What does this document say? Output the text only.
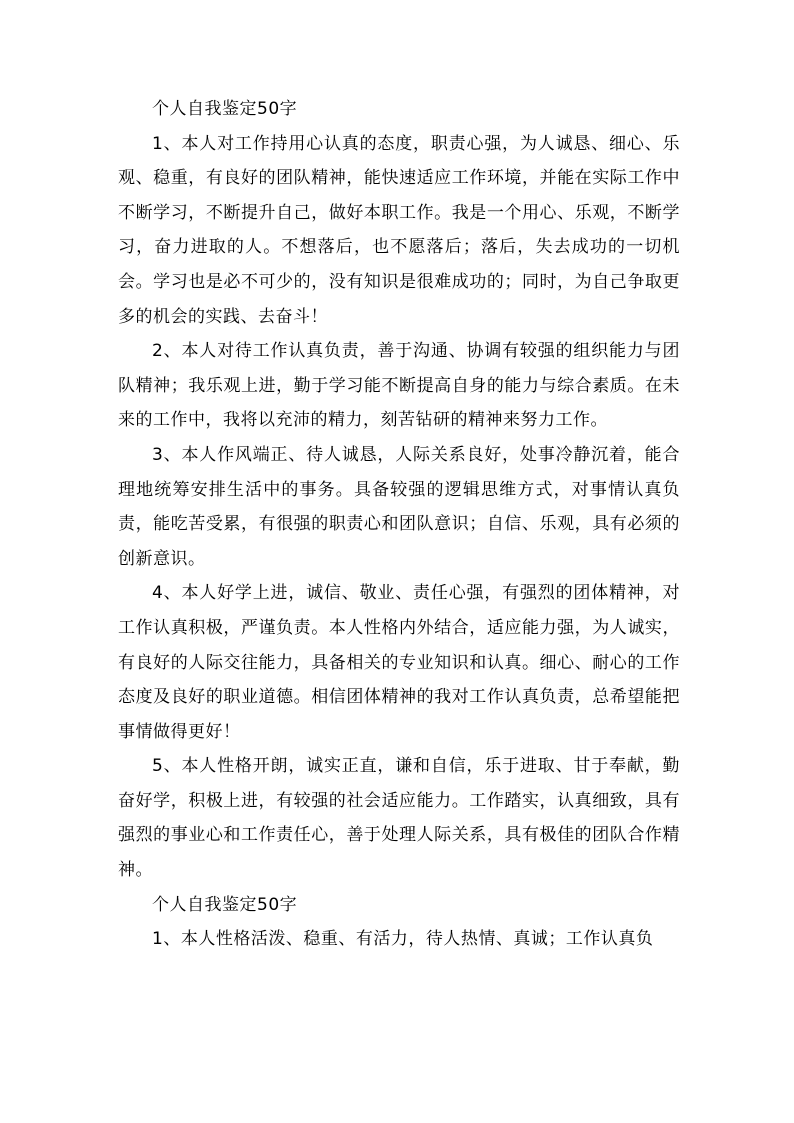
个人自我鉴定50字

1、本人对工作持用心认真的态度，职责心强，为人诚恳、细心、乐观、稳重，有良好的团队精神，能快速适应工作环境，并能在实际工作中不断学习，不断提升自己，做好本职工作。我是一个用心、乐观，不断学习，奋力进取的人。不想落后，也不愿落后；落后，失去成功的一切机会。学习也是必不可少的，没有知识是很难成功的；同时，为自己争取更多的机会的实践、去奋斗！

2、本人对待工作认真负责，善于沟通、协调有较强的组织能力与团队精神；我乐观上进，勤于学习能不断提高自身的能力与综合素质。在未来的工作中，我将以充沛的精力，刻苦钻研的精神来努力工作。

3、本人作风端正、待人诚恳，人际关系良好，处事冷静沉着，能合理地统筹安排生活中的事务。具备较强的逻辑思维方式，对事情认真负责，能吃苦受累，有很强的职责心和团队意识；自信、乐观，具有必须的创新意识。

4、本人好学上进，诚信、敬业、责任心强，有强烈的团体精神，对工作认真积极，严谨负责。本人性格内外结合，适应能力强，为人诚实，有良好的人际交往能力，具备相关的专业知识和认真。细心、耐心的工作态度及良好的职业道德。相信团体精神的我对工作认真负责，总希望能把事情做得更好！

5、本人性格开朗，诚实正直，谦和自信，乐于进取、甘于奉献，勤奋好学，积极上进，有较强的社会适应能力。工作踏实，认真细致，具有强烈的事业心和工作责任心，善于处理人际关系，具有极佳的团队合作精神。

个人自我鉴定50字

1、本人性格活泼、稳重、有活力，待人热情、真诚；工作认真负
